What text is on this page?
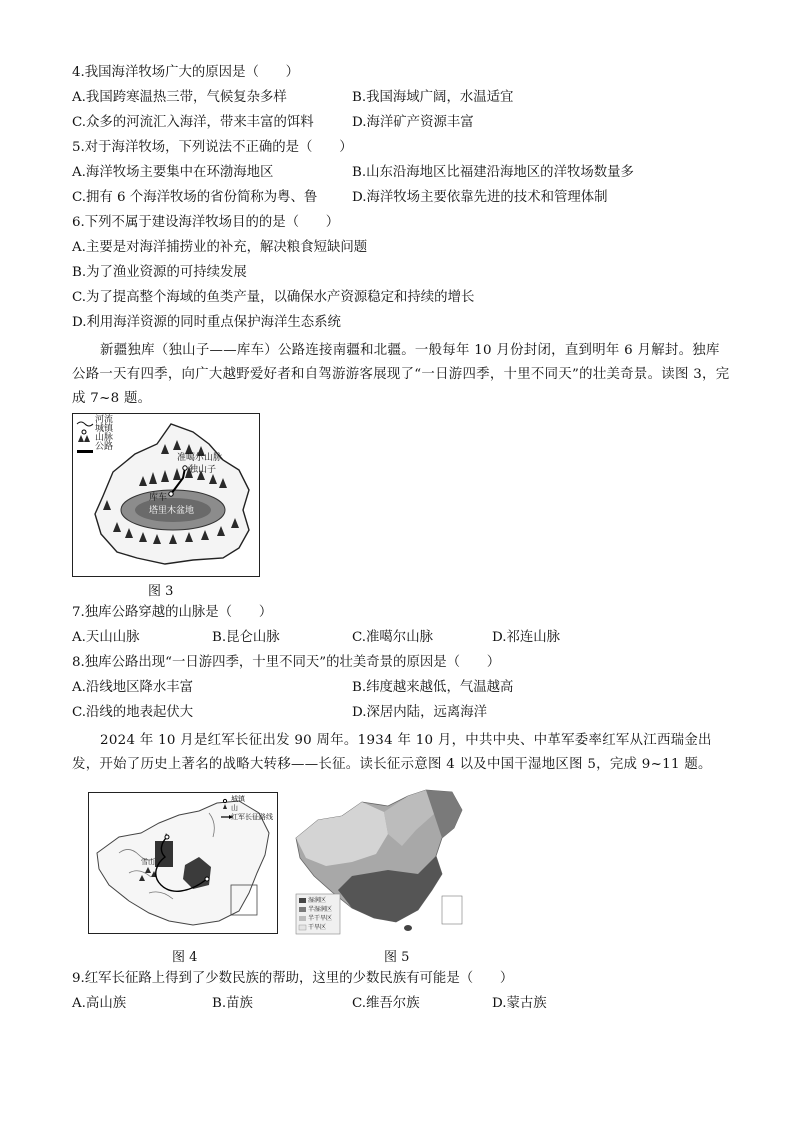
4.我国海洋牧场广大的原因是（　　）
A.我国跨寒温热三带，气候复杂多样	B.我国海域广阔，水温适宜
C.众多的河流汇入海洋，带来丰富的饵料	D.海洋矿产资源丰富
5.对于海洋牧场，下列说法不正确的是（　　）
A.海洋牧场主要集中在环渤海地区	B.山东沿海地区比福建沿海地区的洋牧场数量多
C.拥有 6 个海洋牧场的省份简称为粤、鲁	D.海洋牧场主要依靠先进的技术和管理体制
6.下列不属于建设海洋牧场目的的是（　　）
A.主要是对海洋捕捞业的补充，解决粮食短缺问题
B.为了渔业资源的可持续发展
C.为了提高整个海域的鱼类产量，以确保水产资源稳定和持续的增长
D.利用海洋资源的同时重点保护海洋生态系统
新疆独库（独山子——库车）公路连接南疆和北疆。一般每年 10 月份封闭，直到明年 6 月解封。独库公路一天有四季，向广大越野爱好者和自驾游游客展现了“一日游四季，十里不同天”的壮美奇景。读图 3，完成 7~8 题。
河流
城镇
山脉
公路
准噶尔山脉
独山子
库车
塔里木盆地
图 3
7.独库公路穿越的山脉是（　　）
A.天山山脉	B.昆仑山脉	C.准噶尔山脉	D.祁连山脉
8.独库公路出现“一日游四季，十里不同天”的壮美奇景的原因是（　　）
A.沿线地区降水丰富	B.纬度越来越低，气温越高
C.沿线的地表起伏大	D.深居内陆，远离海洋
2024 年 10 月是红军长征出发 90 周年。1934 年 10 月，中共中央、中革军委率红军从江西瑞金出发，开始了历史上著名的战略大转移——长征。读长征示意图 4 以及中国干湿地区图 5，完成 9~11 题。
城镇
山
红军长征路线
雪山
图 4
湿润区
半湿润区
半干旱区
干旱区
图 5
9.红军长征路上得到了少数民族的帮助，这里的少数民族有可能是（　　）
A.高山族	B.苗族	C.维吾尔族	D.蒙古族
